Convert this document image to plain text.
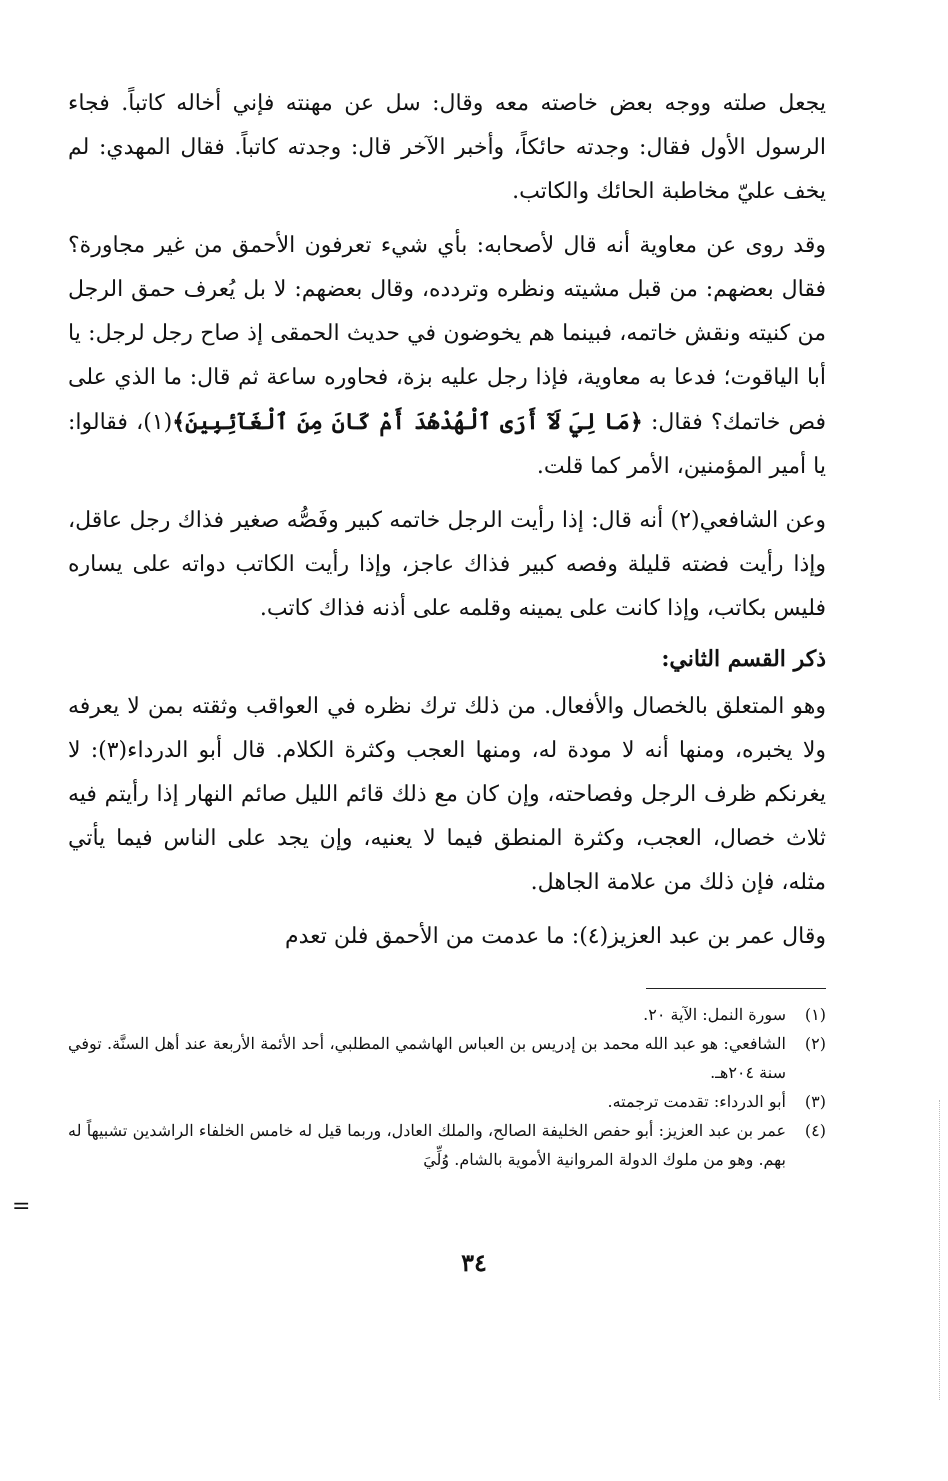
يجعل صلته ووجه بعض خاصته معه وقال: سل عن مهنته فإني أخاله كاتباً. فجاء الرسول الأول فقال: وجدته حائكاً، وأخبر الآخر قال: وجدته كاتباً. فقال المهدي: لم يخف عليّ مخاطبة الحائك والكاتب.

وقد روى عن معاوية أنه قال لأصحابه: بأي شيء تعرفون الأحمق من غير مجاورة؟ فقال بعضهم: من قبل مشيته ونظره وتردده، وقال بعضهم: لا بل يُعرف حمق الرجل من كنيته ونقش خاتمه، فبينما هم يخوضون في حديث الحمقى إذ صاح رجل لرجل: يا أبا الياقوت؛ فدعا به معاوية، فإذا رجل عليه بزة، فحاوره ساعة ثم قال: ما الذي على فص خاتمك؟ فقال: ﴿مَا لِيَ لَآ أَرَى ٱلْهُدْهُدَ أَمْ كَانَ مِنَ ٱلْغَآئِبِينَ﴾(١)، فقالوا: يا أمير المؤمنين، الأمر كما قلت.

وعن الشافعي(٢) أنه قال: إذا رأيت الرجل خاتمه كبير وفَصُّه صغير فذاك رجل عاقل، وإذا رأيت فضته قليلة وفصه كبير فذاك عاجز، وإذا رأيت الكاتب دواته على يساره فليس بكاتب، وإذا كانت على يمينه وقلمه على أذنه فذاك كاتب.

ذكر القسم الثاني:

وهو المتعلق بالخصال والأفعال. من ذلك ترك نظره في العواقب وثقته بمن لا يعرفه ولا يخبره، ومنها أنه لا مودة له، ومنها العجب وكثرة الكلام. قال أبو الدرداء(٣): لا يغرنكم ظرف الرجل وفصاحته، وإن كان مع ذلك قائم الليل صائم النهار إذا رأيتم فيه ثلاث خصال، العجب، وكثرة المنطق فيما لا يعنيه، وإن يجد على الناس فيما يأتي مثله، فإن ذلك من علامة الجاهل.

وقال عمر بن عبد العزيز(٤): ما عدمت من الأحمق فلن تعدم

(١)
سورة النمل: الآية ٢٠.
(٢)
الشافعي: هو عبد الله محمد بن إدريس بن العباس الهاشمي المطلبي، أحد الأئمة الأربعة عند أهل السنَّة. توفي سنة ٢٠٤هـ.
(٣)
أبو الدرداء: تقدمت ترجمته.
(٤)
عمر بن عبد العزيز: أبو حفص الخليفة الصالح، والملك العادل، وربما قيل له خامس الخلفاء الراشدين تشبيهاً له بهم. وهو من ملوك الدولة المروانية الأموية بالشام. وُلِّيَ
=
٣٤
